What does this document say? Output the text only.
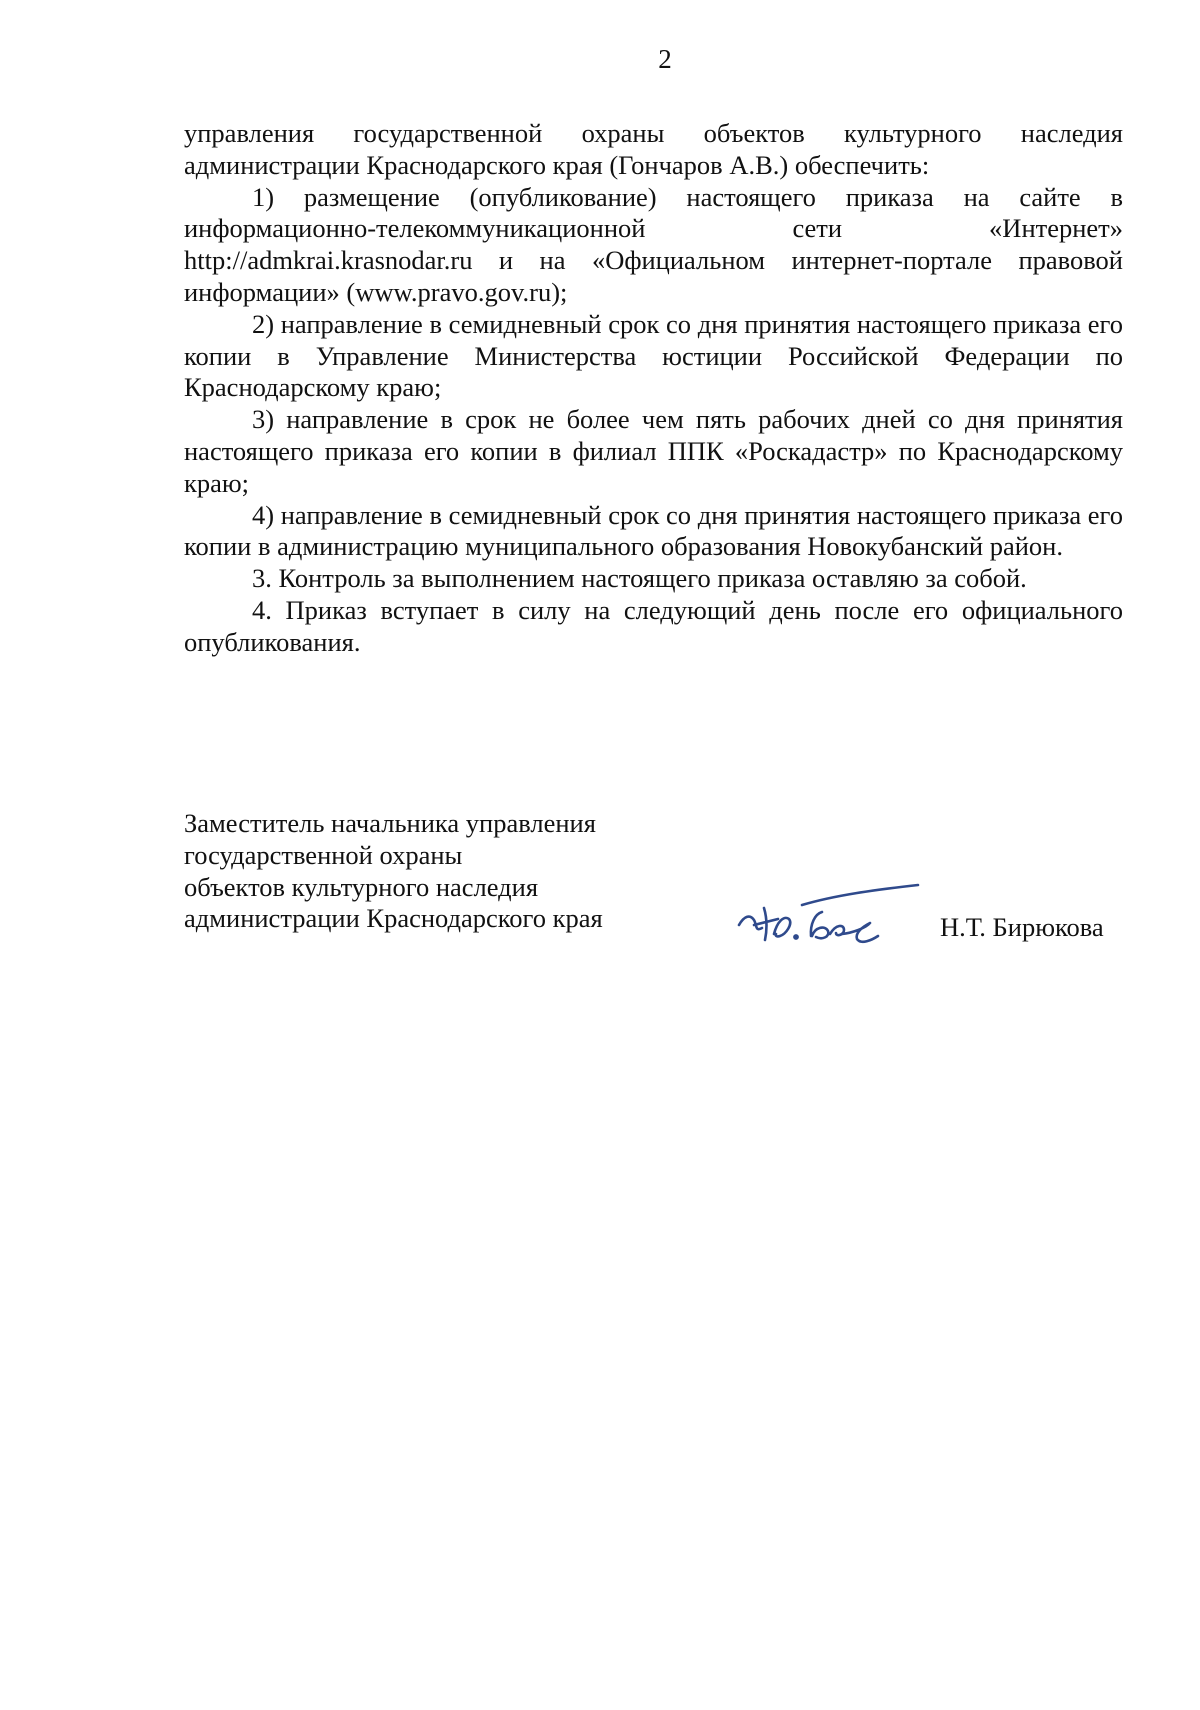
2

управления государственной охраны объектов культурного наследия администрации Краснодарского края (Гончаров А.В.) обеспечить:

1) размещение (опубликование) настоящего приказа на сайте в информационно-телекоммуникационной сети «Интернет» http://admkrai.krasnodar.ru и на «Официальном интернет-портале правовой информации» (www.pravo.gov.ru);

2) направление в семидневный срок со дня принятия настоящего приказа его копии в Управление Министерства юстиции Российской Федерации по Краснодарскому краю;

3) направление в срок не более чем пять рабочих дней со дня принятия настоящего приказа его копии в филиал ППК «Роскадастр» по Краснодарскому краю;

4) направление в семидневный срок со дня принятия настоящего приказа его копии в администрацию муниципального образования Новокубанский район.

3. Контроль за выполнением настоящего приказа оставляю за собой.

4. Приказ вступает в силу на следующий день после его официального опубликования.

Заместитель начальника управления
государственной охраны
объектов культурного наследия
администрации Краснодарского края	Н.Т. Бирюкова
